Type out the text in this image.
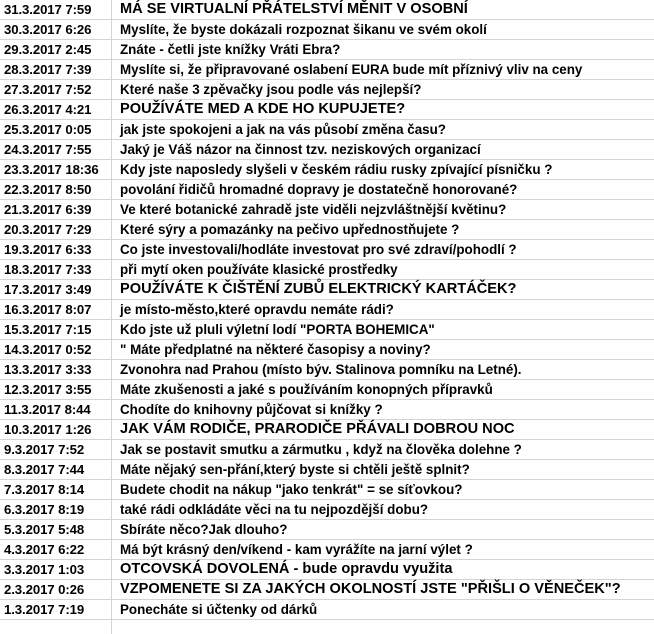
31.3.2017 7:59 MÁ SE VIRTUALNÍ PŘÁTELSTVÍ MĚNIT V OSOBNÍ
30.3.2017 6:26 Myslíte, že byste dokázali rozpoznat šikanu ve svém okolí
29.3.2017 2:45 Znáte - četli jste knížky Vráti Ebra?
28.3.2017 7:39 Myslíte si, že připravované oslabení EURA bude mít příznivý vliv na ceny
27.3.2017 7:52 Které naše 3 zpěvačky jsou podle vás nejlepší?
26.3.2017 4:21 POUŽÍVÁTE MED A KDE HO KUPUJETE?
25.3.2017 0:05 jak jste spokojeni a jak na vás působí změna času?
24.3.2017 7:55 Jaký je Váš názor na činnost tzv. neziskových organizací
23.3.2017 18:36 Kdy jste naposledy slyšeli v českém rádiu rusky zpívající písničku ?
22.3.2017 8:50 povolání řidičů hromadné dopravy je dostatečně honorované?
21.3.2017 6:39 Ve které botanické zahradě jste viděli nejzvláštnější květinu?
20.3.2017 7:29 Které sýry a pomazánky na pečivo upřednostňujete ?
19.3.2017 6:33 Co jste investovali/hodláte investovat pro své zdraví/pohodlí ?
18.3.2017 7:33 při mytí oken používáte klasické prostředky
17.3.2017 3:49 POUŽÍVÁTE K ČIŠTĚNÍ ZUBŮ ELEKTRICKÝ KARTÁČEK?
16.3.2017 8:07 je místo-město,které opravdu nemáte rádi?
15.3.2017 7:15 Kdo jste už pluli výletní lodí "PORTA BOHEMICA"
14.3.2017 0:52 " Máte předplatné na některé časopisy a noviny?
13.3.2017 3:33 Zvonohra nad Prahou (místo býv. Stalinova pomníku na Letné).
12.3.2017 3:55 Máte zkušenosti a jaké s používáním konopných přípravků
11.3.2017 8:44 Chodíte do knihovny půjčovat si knížky ?
10.3.2017 1:26 JAK VÁM RODIČE, PRARODIČE PŘÁVALI DOBROU NOC
9.3.2017 7:52	Jak se postavit smutku a zármutku , když na člověka dolehne ?
8.3.2017 7:44	Máte nějaký sen-přání,který byste si chtěli ještě splnit?
7.3.2017 8:14	Budete chodit na nákup "jako tenkrát" = se síťovkou?
6.3.2017 8:19	také rádi odkládáte věci na tu nejpozdější dobu?
5.3.2017 5:48	Sbíráte něco?Jak dlouho?
4.3.2017 6:22	Má být krásný den/víkend - kam vyrážíte na jarní výlet ?
3.3.2017 1:03 OTCOVSKÁ DOVOLENÁ - bude opravdu využita
2.3.2017 0:26 VZPOMENETE SI ZA JAKÝCH OKOLNOSTÍ JSTE "PŘIŠLI O VĚNEČEK"?
1.3.2017 7:19	Ponecháte si účtenky od dárků
